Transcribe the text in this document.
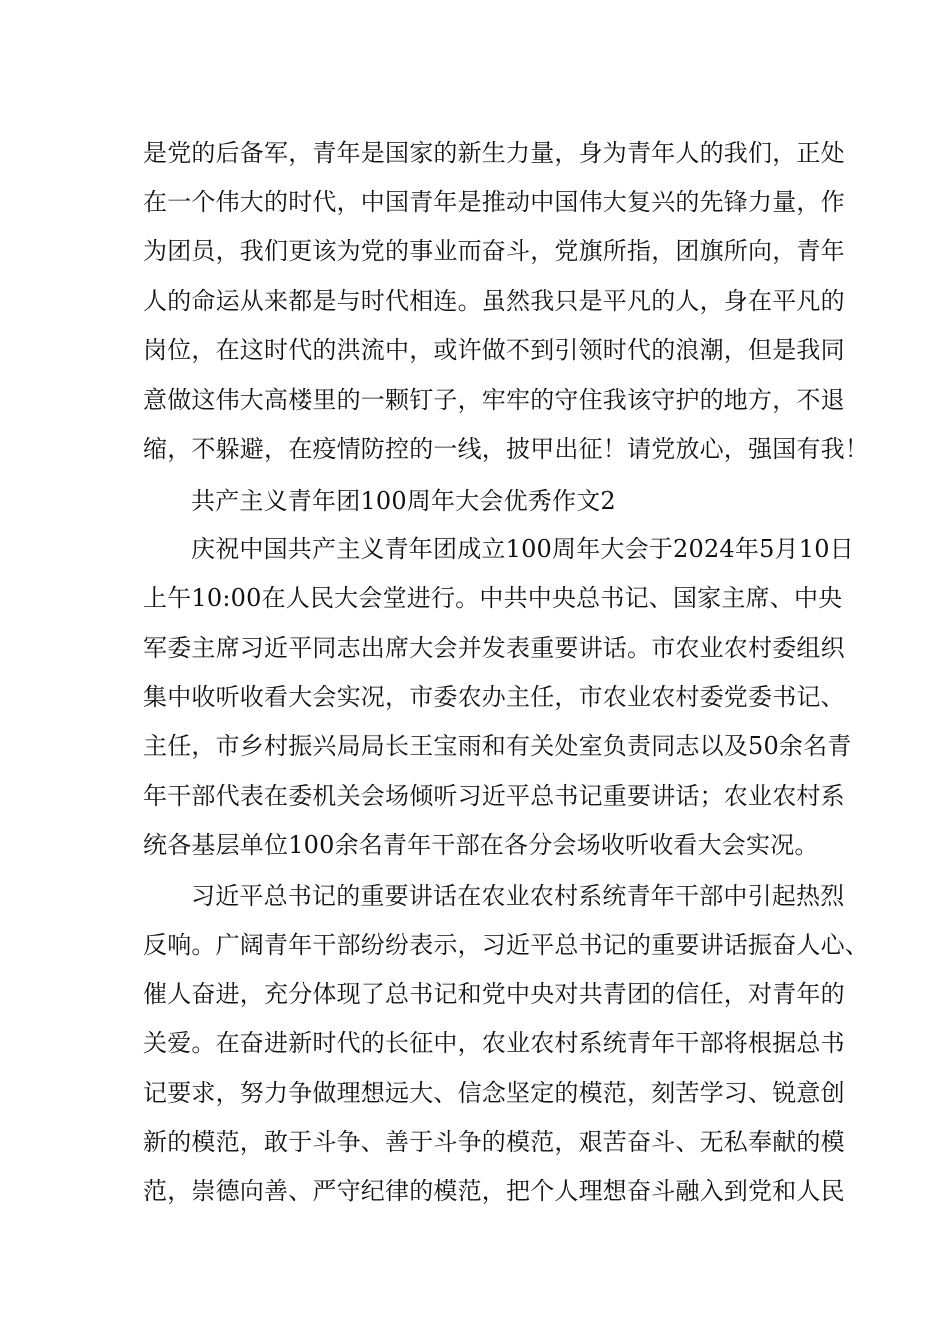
是党的后备军，青年是国家的新生力量，身为青年人的我们，正处
在一个伟大的时代，中国青年是推动中国伟大复兴的先锋力量，作
为团员，我们更该为党的事业而奋斗，党旗所指，团旗所向，青年
人的命运从来都是与时代相连。虽然我只是平凡的人，身在平凡的
岗位，在这时代的洪流中，或许做不到引领时代的浪潮，但是我同
意做这伟大高楼里的一颗钉子，牢牢的守住我该守护的地方，不退
缩，不躲避，在疫情防控的一线，披甲出征！请党放心，强国有我！
共产主义青年团100周年大会优秀作文2
庆祝中国共产主义青年团成立100周年大会于2024年5月10日
上午10:00在人民大会堂进行。中共中央总书记、国家主席、中央
军委主席习近平同志出席大会并发表重要讲话。市农业农村委组织
集中收听收看大会实况，市委农办主任，市农业农村委党委书记、
主任，市乡村振兴局局长王宝雨和有关处室负责同志以及50余名青
年干部代表在委机关会场倾听习近平总书记重要讲话；农业农村系
统各基层单位100余名青年干部在各分会场收听收看大会实况。
习近平总书记的重要讲话在农业农村系统青年干部中引起热烈
反响。广阔青年干部纷纷表示，习近平总书记的重要讲话振奋人心、
催人奋进，充分体现了总书记和党中央对共青团的信任，对青年的
关爱。在奋进新时代的长征中，农业农村系统青年干部将根据总书
记要求，努力争做理想远大、信念坚定的模范，刻苦学习、锐意创
新的模范，敢于斗争、善于斗争的模范，艰苦奋斗、无私奉献的模
范，崇德向善、严守纪律的模范，把个人理想奋斗融入到党和人民
